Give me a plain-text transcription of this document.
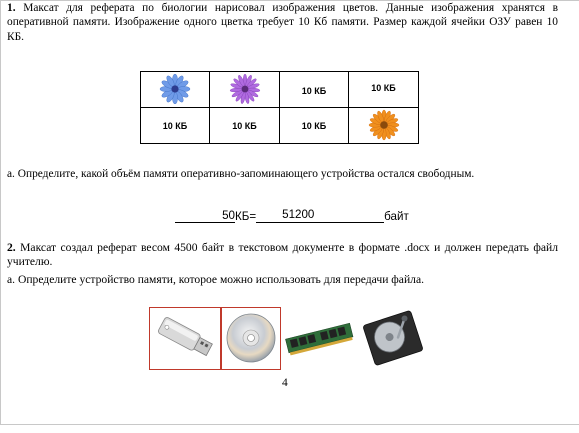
1. Максат для реферата по биологии нарисовал изображения цветов. Данные изображения хранятся в оперативной памяти. Изображение одного цветка требует 10 Кб памяти. Размер каждой ячейки ОЗУ равен 10 КБ.
		10 КБ	10 КБ
10 КБ	10 КБ	10 КБ	
а. Определите, какой объём памяти оперативно-запоминающего устройства остался свободным.
50 КБ= 51200	байт
2. Максат создал реферат весом 4500 байт в текстовом документе в формате .docx и должен передать файл учителю.
а. Определите устройство памяти, которое можно использовать для передачи файла.
4
